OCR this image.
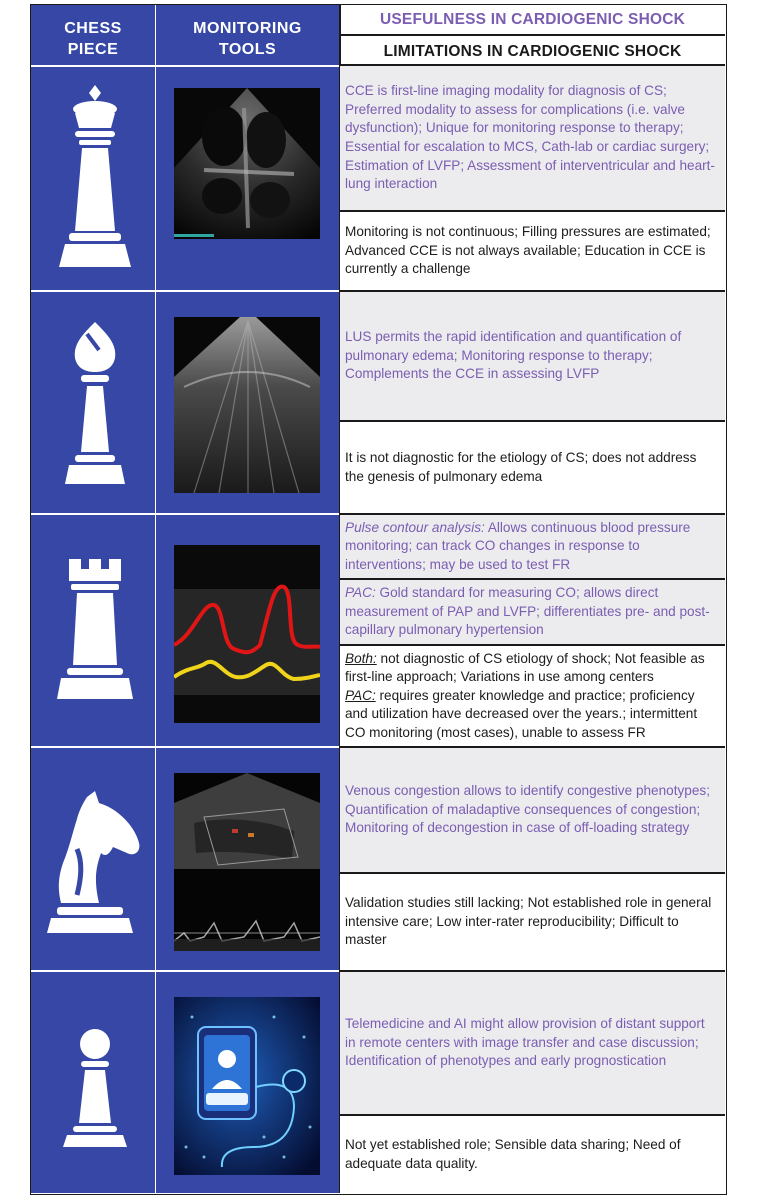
CHESS
PIECE
MONITORING
TOOLS
USEFULNESS IN CARDIOGENIC SHOCK
LIMITATIONS IN CARDIOGENIC SHOCK
CCE is first-line imaging modality for diagnosis of CS; Preferred modality to assess for complications (i.e. valve dysfunction); Unique for monitoring response to therapy; Essential for escalation to MCS, Cath-lab or cardiac surgery; Estimation of LVFP; Assessment of interventricular and heart-lung interaction
Monitoring is not continuous; Filling pressures are estimated; Advanced CCE is not always available; Education in CCE is currently a challenge
LUS permits the rapid identification and quantification of pulmonary edema; Monitoring response to therapy; Complements the CCE in assessing LVFP
It is not diagnostic for the etiology of CS; does not address the genesis of pulmonary edema
Pulse contour analysis: Allows continuous blood pressure monitoring; can track CO changes in response to interventions; may be used to test FR
PAC: Gold standard for measuring CO; allows direct measurement of PAP and LVFP; differentiates pre- and post-capillary pulmonary hypertension
Both: not diagnostic of CS etiology of shock; Not feasible as first-line approach; Variations in use among centers
PAC: requires greater knowledge and practice; proficiency and utilization have decreased over the years.; intermittent CO monitoring (most cases), unable to assess FR
Venous congestion allows to identify congestive phenotypes; Quantification of maladaptive consequences of congestion; Monitoring of decongestion in case of off-loading strategy
Validation studies still lacking; Not established role in general intensive care; Low inter-rater reproducibility; Difficult to master
Telemedicine and AI might allow provision of distant support in remote centers with image transfer and case discussion; Identification of phenotypes and early prognostication
Not yet established role; Sensible data sharing; Need of adequate data quality.
